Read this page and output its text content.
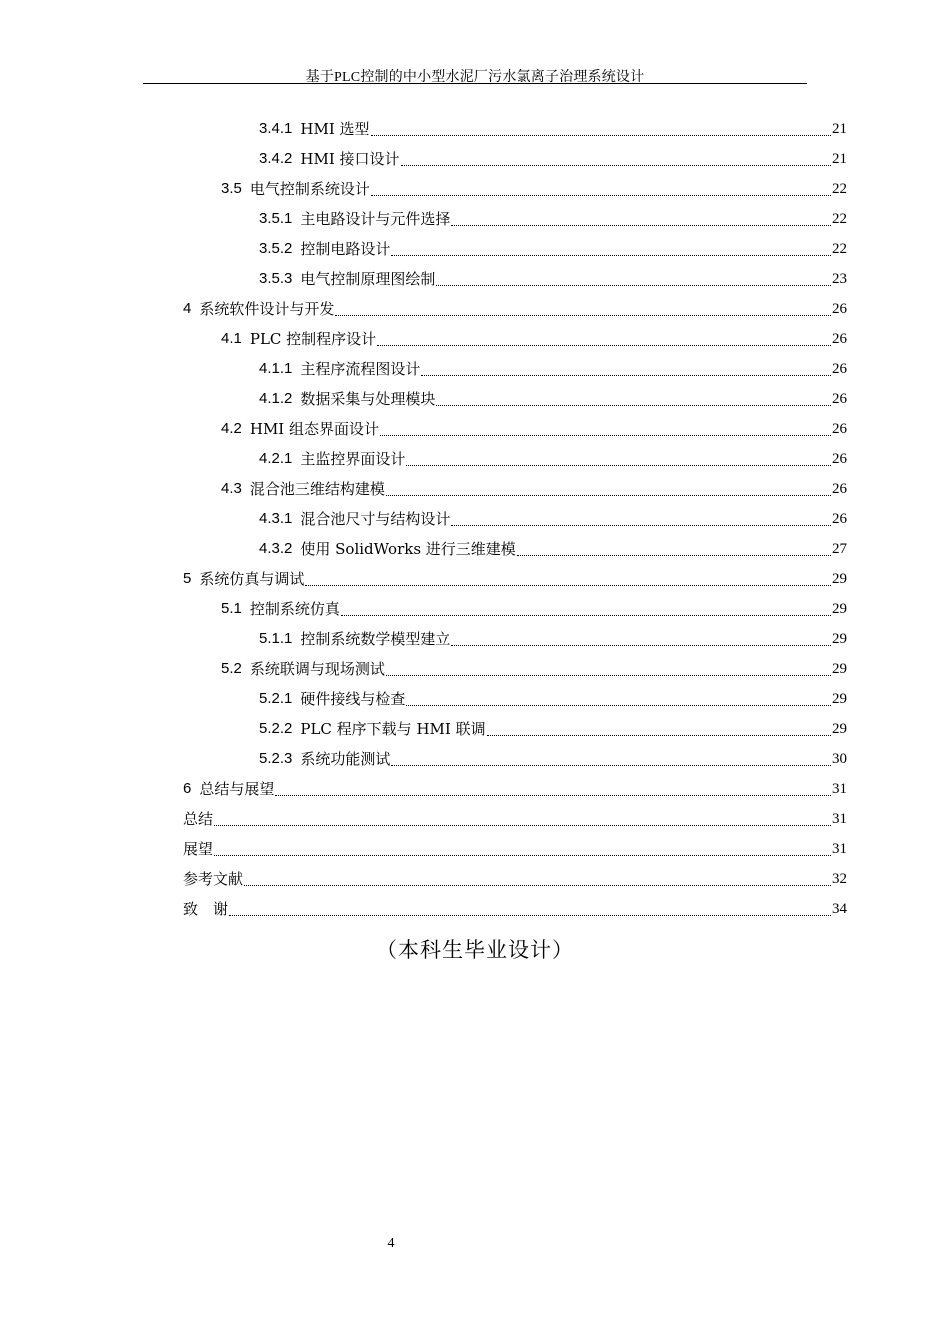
基于PLC控制的中小型水泥厂污水氯离子治理系统设计
3.4.1 HMI 选型	21
3.4.2 HMI 接口设计	21
3.5 电气控制系统设计	22
3.5.1 主电路设计与元件选择	22
3.5.2 控制电路设计	22
3.5.3 电气控制原理图绘制	23
4 系统软件设计与开发	26
4.1 PLC 控制程序设计	26
4.1.1 主程序流程图设计	26
4.1.2 数据采集与处理模块	26
4.2 HMI 组态界面设计	26
4.2.1 主监控界面设计	26
4.3 混合池三维结构建模	26
4.3.1 混合池尺寸与结构设计	26
4.3.2 使用 SolidWorks 进行三维建模	27
5 系统仿真与调试	29
5.1 控制系统仿真	29
5.1.1 控制系统数学模型建立	29
5.2 系统联调与现场测试	29
5.2.1 硬件接线与检查	29
5.2.2 PLC 程序下载与 HMI 联调	29
5.2.3 系统功能测试	30
6 总结与展望	31
总结	31
展望	31
参考文献	32
致　谢	34
（本科生毕业设计）
4
